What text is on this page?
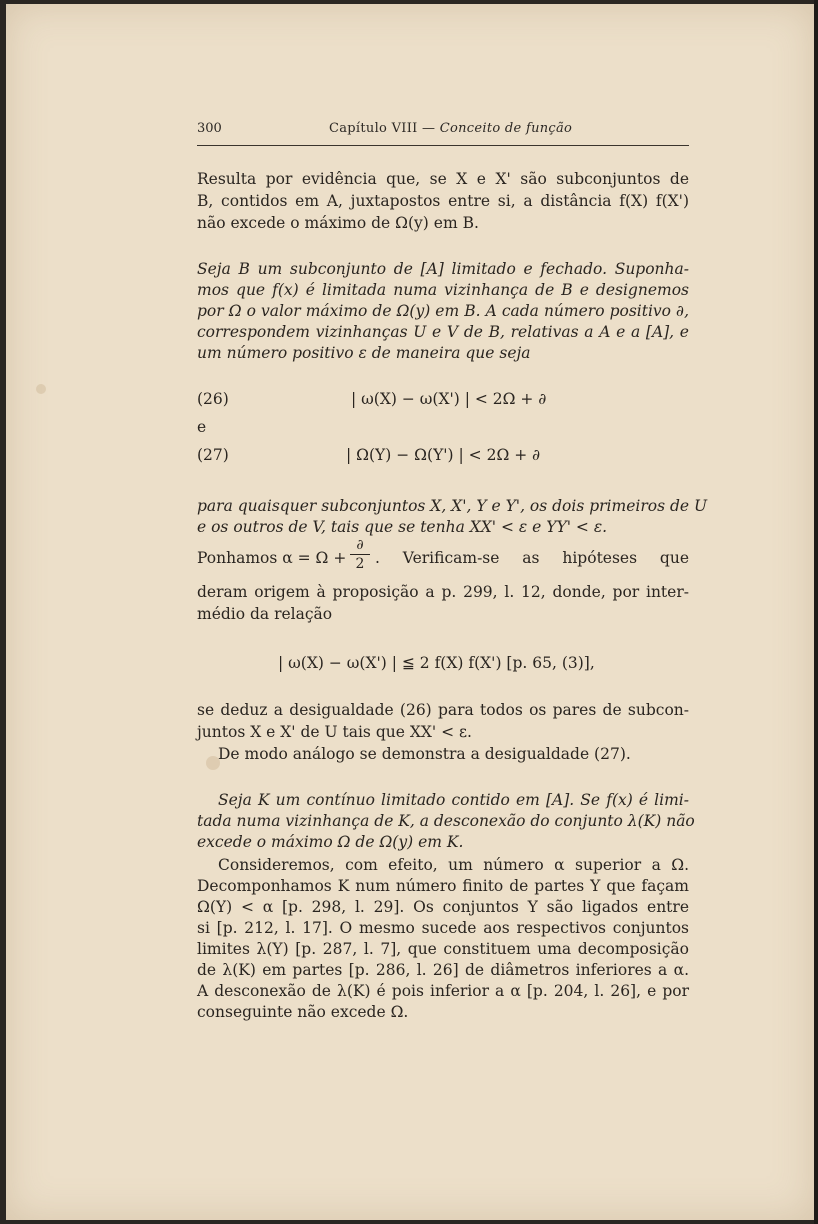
300	Capítulo VIII — Conceito de função
Resulta por evidência que, se X e X' são subconjuntos de
B, contidos em A, juxtapostos entre si, a distância f(X) f(X')
não excede o máximo de Ω(y) em B.
Seja B um subconjunto de [A] limitado e fechado. Suponha-
mos que f(x) é limitada numa vizinhança de B e designemos
por Ω o valor máximo de Ω(y) em B. A cada número positivo ∂,
correspondem vizinhanças U e V de B, relativas a A e a [A], e
um número positivo ε de maneira que seja
(26)	| ω(X) − ω(X') | < 2Ω + ∂
e
(27)	| Ω(Y) − Ω(Y') | < 2Ω + ∂
para quaisquer subconjuntos X, X', Y e Y', os dois primeiros de U
e os outros de V, tais que se tenha XX' < ε e YY' < ε.
Ponhamos α = Ω +
∂
2 . Verificam-se as hipóteses que
deram origem à proposição a p. 299, l. 12, donde, por inter-
médio da relação
| ω(X) − ω(X') | ≦ 2 f(X) f(X') [p. 65, (3)],
se deduz a desigualdade (26) para todos os pares de subcon-
juntos X e X' de U tais que XX' < ε.
De modo análogo se demonstra a desigualdade (27).
Seja K um contínuo limitado contido em [A]. Se f(x) é limi-
tada numa vizinhança de K, a desconexão do conjunto λ(K) não
excede o máximo Ω de Ω(y) em K.
Consideremos, com efeito, um número α superior a Ω.
Decomponhamos K num número finito de partes Y que façam
Ω(Y) < α [p. 298, l. 29]. Os conjuntos Y são ligados entre
si [p. 212, l. 17]. O mesmo sucede aos respectivos conjuntos
limites λ(Y) [p. 287, l. 7], que constituem uma decomposição
de λ(K) em partes [p. 286, l. 26] de diâmetros inferiores a α.
A desconexão de λ(K) é pois inferior a α [p. 204, l. 26], e por
conseguinte não excede Ω.
